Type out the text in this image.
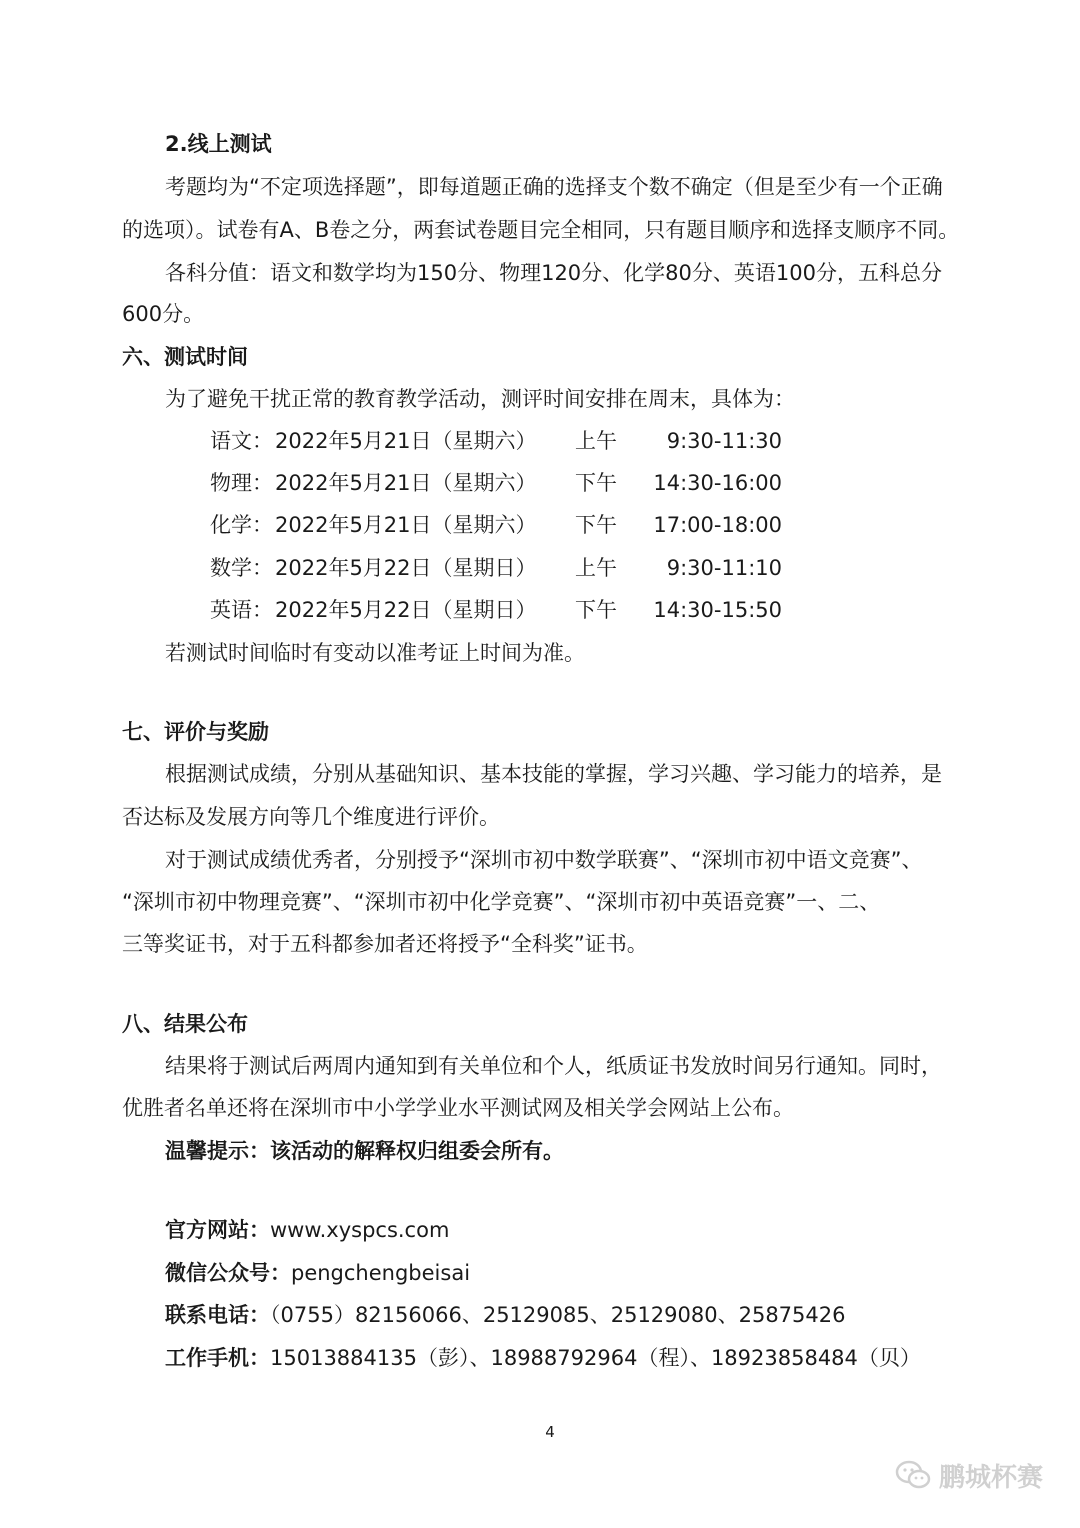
2.线上测试
考题均为“不定项选择题”，即每道题正确的选择支个数不确定（但是至少有一个正确
的选项）。试卷有A、B卷之分，两套试卷题目完全相同，只有题目顺序和选择支顺序不同。
各科分值：语文和数学均为150分、物理120分、化学80分、英语100分，五科总分
600分。
六、测试时间
为了避免干扰正常的教育教学活动，测评时间安排在周末，具体为：
语文： 2022年5月21日（星期六） 上午	9:30-11:30
物理： 2022年5月21日（星期六） 下午 14:30-16:00
化学： 2022年5月21日（星期六） 下午 17:00-18:00
数学： 2022年5月22日（星期日） 上午	9:30-11:10
英语： 2022年5月22日（星期日） 下午 14:30-15:50
若测试时间临时有变动以准考证上时间为准。
七、评价与奖励
根据测试成绩，分别从基础知识、基本技能的掌握，学习兴趣、学习能力的培养，是
否达标及发展方向等几个维度进行评价。
对于测试成绩优秀者，分别授予“深圳市初中数学联赛”、“深圳市初中语文竞赛”、
“深圳市初中物理竞赛”、“深圳市初中化学竞赛”、“深圳市初中英语竞赛”一、二、
三等奖证书，对于五科都参加者还将授予“全科奖”证书。
八、结果公布
结果将于测试后两周内通知到有关单位和个人，纸质证书发放时间另行通知。同时，
优胜者名单还将在深圳市中小学学业水平测试网及相关学会网站上公布。
温馨提示：该活动的解释权归组委会所有。
官方网站：www.xyspcs.com
微信公众号：pengchengbeisai
联系电话：（0755）82156066、25129085、25129080、25875426
工作手机：15013884135（彭）、18988792964（程）、18923858484（贝）
4
鹏城杯赛
